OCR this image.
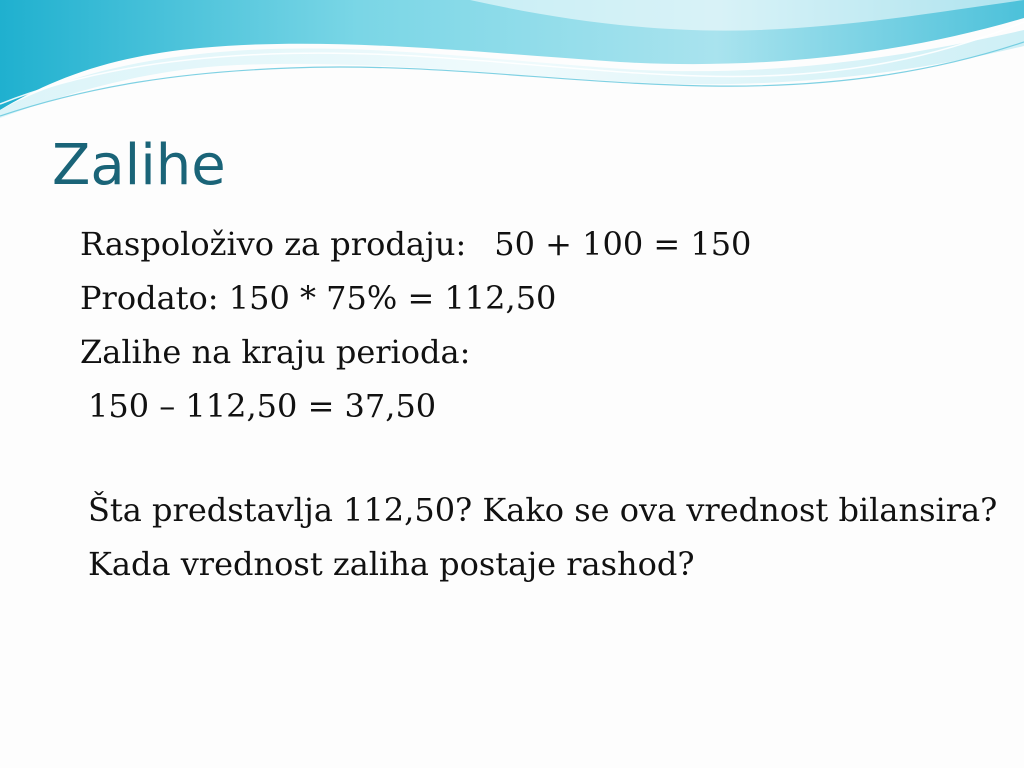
Zalihe

Raspoloživo za prodaju: 50 + 100 = 150

Prodato: 150 * 75% = 112,50

Zalihe na kraju perioda:

150 – 112,50 = 37,50

Šta predstavlja 112,50? Kako se ova vrednost bilansira?

Kada vrednost zaliha postaje rashod?
